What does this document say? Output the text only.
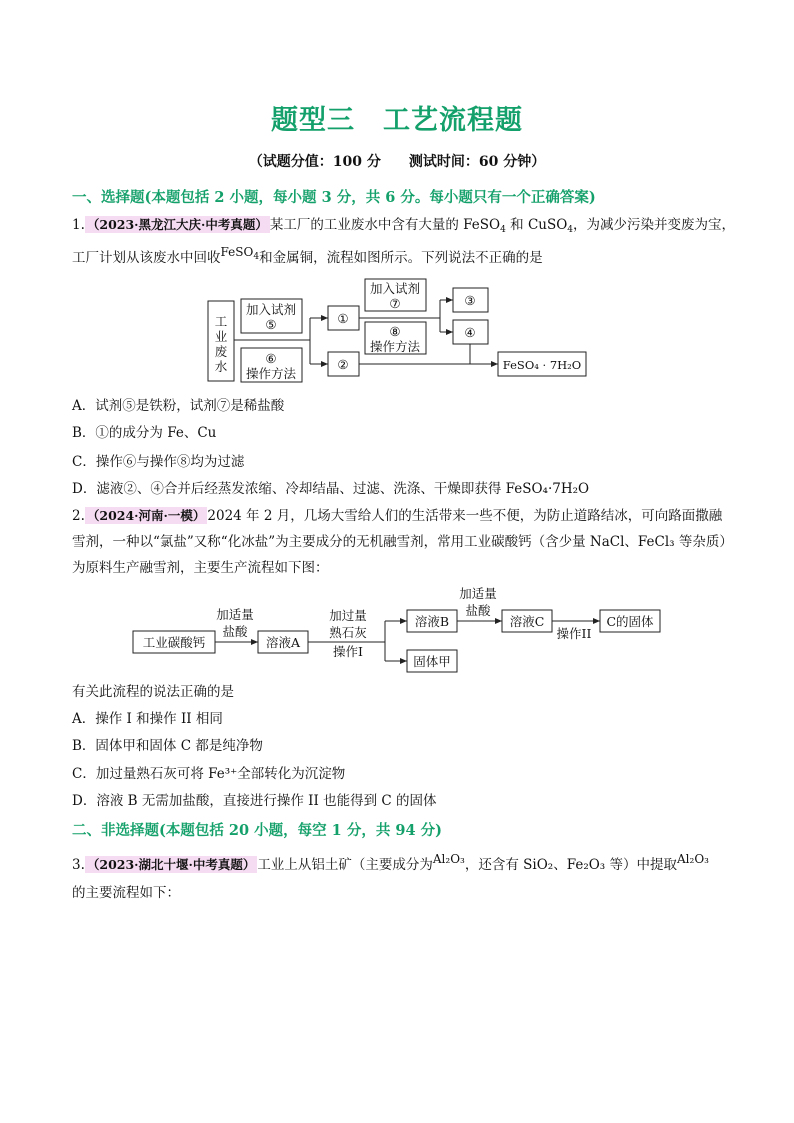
题型三　工艺流程题
（试题分值：100 分　　测试时间：60 分钟）
一、选择题(本题包括 2 小题，每小题 3 分，共 6 分。每小题只有一个正确答案)
1. （2023·黑龙江大庆·中考真题） 某工厂的工业废水中含有大量的 FeSO$_4$ 和 CuSO$_4$，为减少污染并变废为宝，
工厂计划从该废水中回收FeSO$_4$和金属铜，流程如图所示。下列说法不正确的是
工
业
废
水
加入试剂
⑤
⑥
操作方法
①
②
加入试剂
⑦
⑧
操作方法
③
④
FeSO₄ · 7H₂O
A．试剂⑤是铁粉，试剂⑦是稀盐酸
B．①的成分为 Fe、Cu
C．操作⑥与操作⑧均为过滤
D．滤液②、④合并后经蒸发浓缩、冷却结晶、过滤、洗涤、干燥即获得 FeSO₄·7H₂O
2. （2024·河南·一模） 2024 年 2 月，几场大雪给人们的生活带来一些不便，为防止道路结冰，可向路面撒融
雪剂，一种以“氯盐”又称“化冰盐”为主要成分的无机融雪剂，常用工业碳酸钙（含少量 NaCl、FeCl₃ 等杂质）
为原料生产融雪剂，主要生产流程如下图：
工业碳酸钙
加适量
盐酸
溶液A
加过量
熟石灰
操作I
溶液B
固体甲
加适量
盐酸
溶液C
操作II
C的固体
有关此流程的说法正确的是
A．操作 I 和操作 II 相同
B．固体甲和固体 C 都是纯净物
C．加过量熟石灰可将 Fe³⁺全部转化为沉淀物
D．溶液 B 无需加盐酸，直接进行操作 II 也能得到 C 的固体
二、非选择题(本题包括 20 小题，每空 1 分，共 94 分)
3. （2023·湖北十堰·中考真题） 工业上从铝土矿（主要成分为Al₂O₃，还含有 SiO₂、Fe₂O₃ 等）中提取Al₂O₃
的主要流程如下：
